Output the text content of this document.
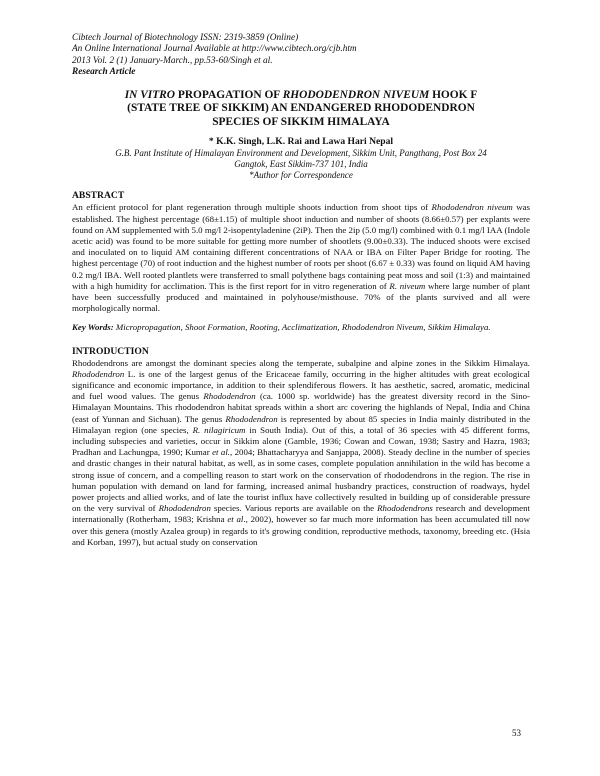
Cibtech Journal of Biotechnology ISSN: 2319-3859 (Online)

An Online International Journal Available at http://www.cibtech.org/cjb.htm

2013 Vol. 2 (1) January-March., pp.53-60/Singh et al.

Research Article

IN VITRO PROPAGATION OF RHODODENDRON NIVEUM HOOK F
(STATE TREE OF SIKKIM) AN ENDANGERED RHODODENDRON
SPECIES OF SIKKIM HIMALAYA

* K.K. Singh, L.K. Rai and Lawa Hari Nepal

G.B. Pant Institute of Himalayan Environment and Development, Sikkim Unit, Pangthang, Post Box 24

Gangtok, East Sikkim-737 101, India

*Author for Correspondence

ABSTRACT

An efficient protocol for plant regeneration through multiple shoots induction from shoot tips of Rhododendron niveum was established. The highest percentage (68±1.15) of multiple shoot induction and number of shoots (8.66±0.57) per explants were found on AM supplemented with 5.0 mg/l 2-isopentyladenine (2iP). Then the 2ip (5.0 mg/l) combined with 0.1 mg/l IAA (Indole acetic acid) was found to be more suitable for getting more number of shootlets (9.00±0.33). The induced shoots were excised and inoculated on to liquid AM containing different concentrations of NAA or IBA on Filter Paper Bridge for rooting. The highest percentage (70) of root induction and the highest number of roots per shoot (6.67 ± 0.33) was found on liquid AM having 0.2 mg/l IBA. Well rooted plantlets were transferred to small polythene bags containing peat moss and soil (1:3) and maintained with a high humidity for acclimation. This is the first report for in vitro regeneration of R. niveum where large number of plant have been successfully produced and maintained in polyhouse/misthouse. 70% of the plants survived and all were morphologically normal.

Key Words: Micropropagation, Shoot Formation, Rooting, Acclimatization, Rhododendron Niveum, Sikkim Himalaya.

INTRODUCTION

Rhododendrons are amongst the dominant species along the temperate, subalpine and alpine zones in the Sikkim Himalaya. Rhododendron L. is one of the largest genus of the Ericaceae family, occurring in the higher altitudes with great ecological significance and economic importance, in addition to their splendiferous flowers. It has aesthetic, sacred, aromatic, medicinal and fuel wood values. The genus Rhododendron (ca. 1000 sp. worldwide) has the greatest diversity record in the Sino-Himalayan Mountains. This rhododendron habitat spreads within a short arc covering the highlands of Nepal, India and China (east of Yunnan and Sichuan). The genus Rhododendron is represented by about 85 species in India mainly distributed in the Himalayan region (one species, R. nilagiricum in South India). Out of this, a total of 36 species with 45 different forms, including subspecies and varieties, occur in Sikkim alone (Gamble, 1936; Cowan and Cowan, 1938; Sastry and Hazra, 1983; Pradhan and Lachungpa, 1990; Kumar et al., 2004; Bhattacharyya and Sanjappa, 2008). Steady decline in the number of species and drastic changes in their natural habitat, as well, as in some cases, complete population annihilation in the wild has become a strong issue of concern, and a compelling reason to start work on the conservation of rhododendrons in the region. The rise in human population with demand on land for farming, increased animal husbandry practices, construction of roadways, hydel power projects and allied works, and of late the tourist influx have collectively resulted in building up of considerable pressure on the very survival of Rhododendron species. Various reports are available on the Rhododendrons research and development internationally (Rotherham, 1983; Krishna et al., 2002), however so far much more information has been accumulated till now over this genera (mostly Azalea group) in regards to it's growing condition, reproductive methods, taxonomy, breeding etc. (Hsia and Korban, 1997), but actual study on conservation

53
